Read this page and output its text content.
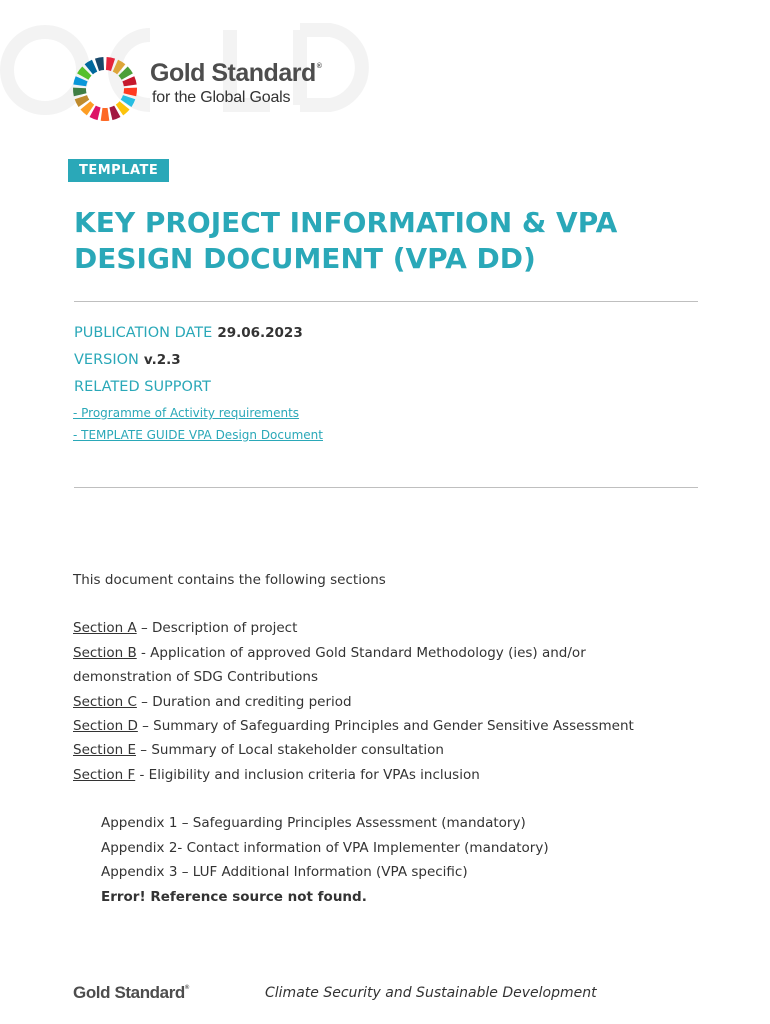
Gold Standard®
for the Global Goals
TEMPLATE
KEY PROJECT INFORMATION & VPA DESIGN DOCUMENT (VPA DD)
PUBLICATION DATE 29.06.2023
VERSION v.2.3
RELATED SUPPORT
- Programme of Activity requirements
- TEMPLATE GUIDE VPA Design Document
This document contains the following sections
Section A – Description of project
Section B - Application of approved Gold Standard Methodology (ies) and/or
demonstration of SDG Contributions
Section C – Duration and crediting period
Section D – Summary of Safeguarding Principles and Gender Sensitive Assessment
Section E – Summary of Local stakeholder consultation
Section F - Eligibility and inclusion criteria for VPAs inclusion
Appendix 1 – Safeguarding Principles Assessment (mandatory)
Appendix 2- Contact information of VPA Implementer (mandatory)
Appendix 3 – LUF Additional Information (VPA specific)
Error! Reference source not found.
Gold Standard®	Climate Security and Sustainable Development
